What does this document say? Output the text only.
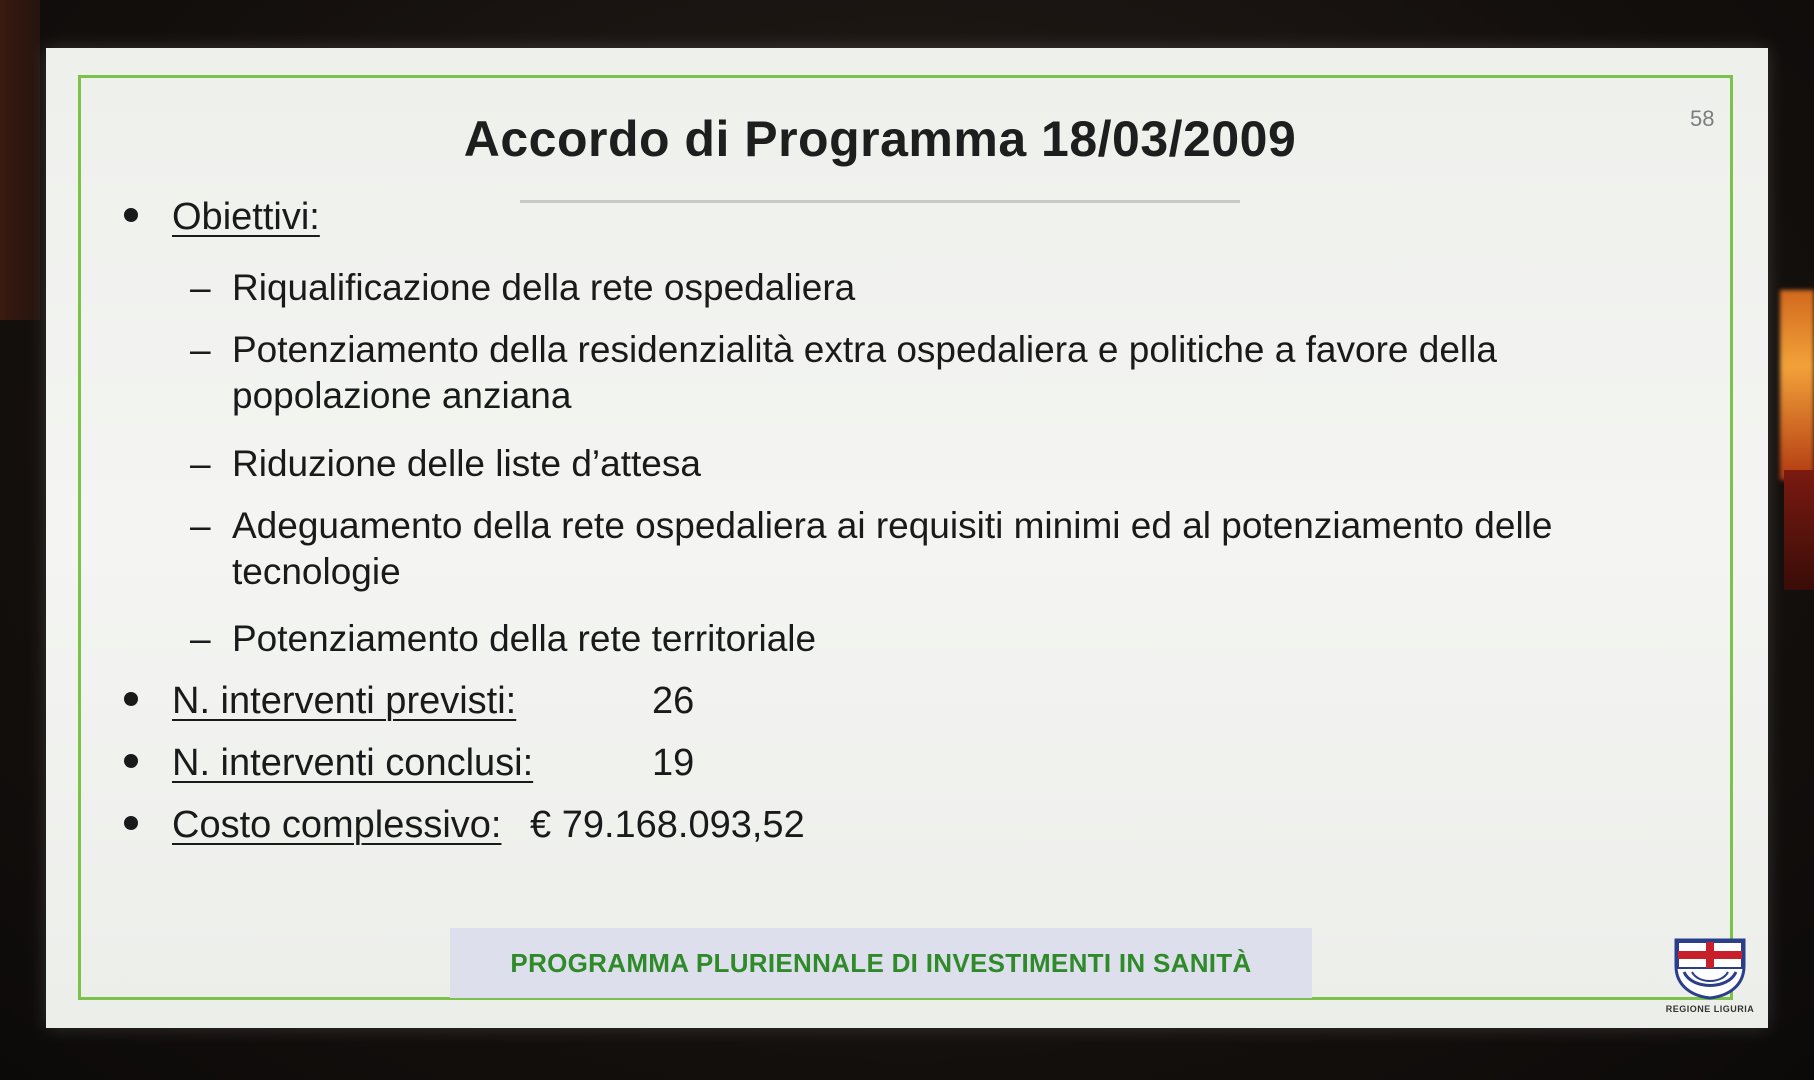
58
Accordo di Programma 18/03/2009
Obiettivi:
– Riqualificazione della rete ospedaliera
– Potenziamento della residenzialità extra ospedaliera e politiche a favore della popolazione anziana
– Riduzione delle liste d’attesa
– Adeguamento della rete ospedaliera ai requisiti minimi ed al potenziamento delle tecnologie
– Potenziamento della rete territoriale
N. interventi previsti:	26
N. interventi conclusi:	19
Costo complessivo: € 79.168.093,52
PROGRAMMA PLURIENNALE DI INVESTIMENTI IN SANITÀ
REGIONE LIGURIA
